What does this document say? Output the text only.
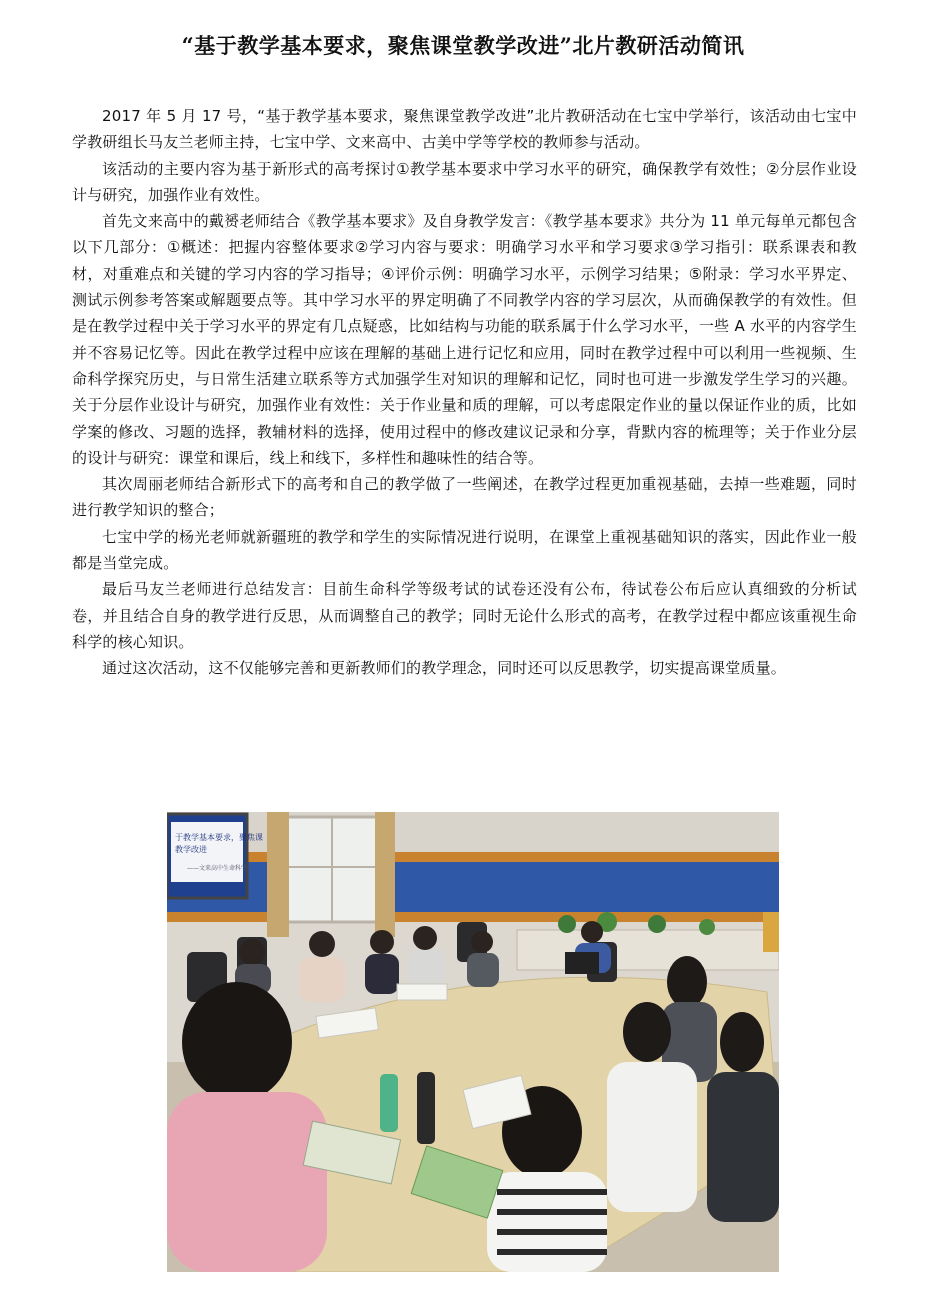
“基于教学基本要求，聚焦课堂教学改进”北片教研活动简讯

2017 年 5 月 17 号，“基于教学基本要求，聚焦课堂教学改进”北片教研活动在七宝中学举行，该活动由七宝中学教研组长马友兰老师主持，七宝中学、文来高中、古美中学等学校的教师参与活动。

该活动的主要内容为基于新形式的高考探讨①教学基本要求中学习水平的研究，确保教学有效性；②分层作业设计与研究，加强作业有效性。

首先文来高中的戴赟老师结合《教学基本要求》及自身教学发言：《教学基本要求》共分为 11 单元每单元都包含以下几部分：①概述：把握内容整体要求②学习内容与要求：明确学习水平和学习要求③学习指引：联系课表和教材，对重难点和关键的学习内容的学习指导；④评价示例：明确学习水平，示例学习结果；⑤附录：学习水平界定、测试示例参考答案或解题要点等。其中学习水平的界定明确了不同教学内容的学习层次，从而确保教学的有效性。但是在教学过程中关于学习水平的界定有几点疑惑，比如结构与功能的联系属于什么学习水平，一些 A 水平的内容学生并不容易记忆等。因此在教学过程中应该在理解的基础上进行记忆和应用，同时在教学过程中可以利用一些视频、生命科学探究历史，与日常生活建立联系等方式加强学生对知识的理解和记忆，同时也可进一步激发学生学习的兴趣。关于分层作业设计与研究，加强作业有效性：关于作业量和质的理解，可以考虑限定作业的量以保证作业的质，比如学案的修改、习题的选择，教辅材料的选择，使用过程中的修改建议记录和分享，背默内容的梳理等；关于作业分层的设计与研究：课堂和课后，线上和线下，多样性和趣味性的结合等。

其次周丽老师结合新形式下的高考和自己的教学做了一些阐述，在教学过程更加重视基础，去掉一些难题，同时进行教学知识的整合；

七宝中学的杨光老师就新疆班的教学和学生的实际情况进行说明，在课堂上重视基础知识的落实，因此作业一般都是当堂完成。

最后马友兰老师进行总结发言：目前生命科学等级考试的试卷还没有公布，待试卷公布后应认真细致的分析试卷，并且结合自身的教学进行反思，从而调整自己的教学；同时无论什么形式的高考，在教学过程中都应该重视生命科学的核心知识。

通过这次活动，这不仅能够完善和更新教师们的教学理念，同时还可以反思教学，切实提高课堂质量。

于教学基本要求，聚焦课
教学改进
——文来高中生命科学
